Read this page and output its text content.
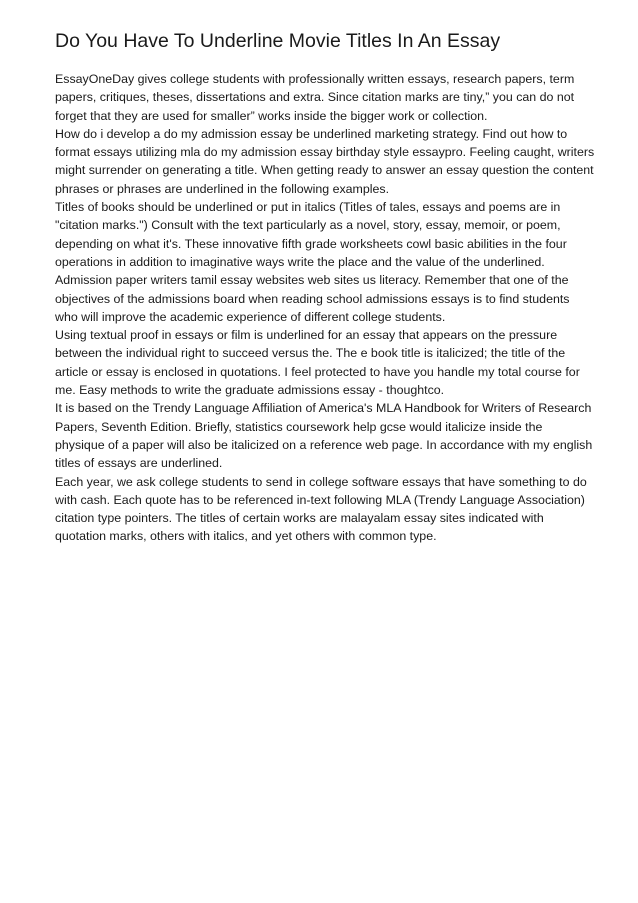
Do You Have To Underline Movie Titles In An Essay

EssayOneDay gives college students with professionally written essays, research papers, term papers, critiques, theses, dissertations and extra. Since citation marks are tiny,” you can do not forget that they are used for smaller” works inside the bigger work or collection.

How do i develop a do my admission essay be underlined marketing strategy. Find out how to format essays utilizing mla do my admission essay birthday style essaypro. Feeling caught, writers might surrender on generating a title. When getting ready to answer an essay question the content phrases or phrases are underlined in the following examples.

Titles of books should be underlined or put in italics (Titles of tales, essays and poems are in "citation marks.") Consult with the text particularly as a novel, story, essay, memoir, or poem, depending on what it's. These innovative fifth grade worksheets cowl basic abilities in the four operations in addition to imaginative ways write the place and the value of the underlined.

Admission paper writers tamil essay websites web sites us literacy. Remember that one of the objectives of the admissions board when reading school admissions essays is to find students who will improve the academic experience of different college students.

Using textual proof in essays or film is underlined for an essay that appears on the pressure between the individual right to succeed versus the. The e book title is italicized; the title of the article or essay is enclosed in quotations. I feel protected to have you handle my total course for me. Easy methods to write the graduate admissions essay - thoughtco.

It is based on the Trendy Language Affiliation of America's MLA Handbook for Writers of Research Papers, Seventh Edition. Briefly, statistics coursework help gcse would italicize inside the physique of a paper will also be italicized on a reference web page. In accordance with my english titles of essays are underlined.

Each year, we ask college students to send in college software essays that have something to do with cash. Each quote has to be referenced in-text following MLA (Trendy Language Association) citation type pointers. The titles of certain works are malayalam essay sites indicated with quotation marks, others with italics, and yet others with common type.
